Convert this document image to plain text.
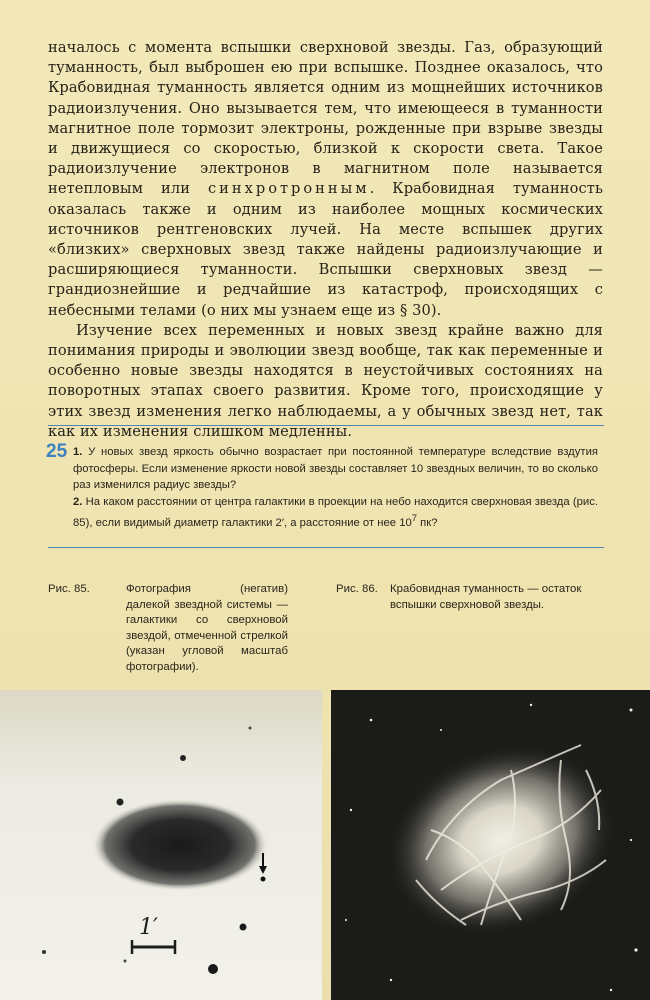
началось с момента вспышки сверхновой звезды. Газ, образующий туманность, был выброшен ею при вспышке. Позднее оказалось, что Крабовидная туманность является одним из мощнейших источников радиоизлучения. Оно вызывается тем, что имеющееся в туманности магнитное поле тормозит электроны, рожденные при взрыве звезды и движущиеся со скоростью, близкой к скорости света. Такое радиоизлучение электронов в магнитном поле называется нетепловым или синхротронным. Крабовидная туманность оказалась также и одним из наиболее мощных космических источников рентгеновских лучей. На месте вспышек других «близких» сверхновых звезд также найдены радиоизлучающие и расширяющиеся туманности. Вспышки сверхновых звезд — грандиознейшие и редчайшие из катастроф, происходящих с небесными телами (о них мы узнаем еще из § 30).

Изучение всех переменных и новых звезд крайне важно для понимания природы и эволюции звезд вообще, так как переменные и особенно новые звезды находятся в неустойчивых состояниях на поворотных этапах своего развития. Кроме того, происходящие у этих звезд изменения легко наблюдаемы, а у обычных звезд нет, так как их изменения слишком медленны.

25 1. У новых звезд яркость обычно возрастает при постоянной температуре вследствие вздутия фотосферы. Если изменение яркости новой звезды составляет 10 звездных величин, то во сколько раз изменился радиус звезды?

2. На каком расстоянии от центра галактики в проекции на небо находится сверхновая звезда (рис. 85), если видимый диаметр галактики 2′, а расстояние от нее $10^7$ пк?

Рис. 85.	Фотография (негатив) далекой звездной системы — галактики со сверхновой звездой, отмеченной стрелкой (указан угловой масштаб фотографии).
Рис. 86. Крабовидная туманность — остаток вспышки сверхновой звезды.
1′
